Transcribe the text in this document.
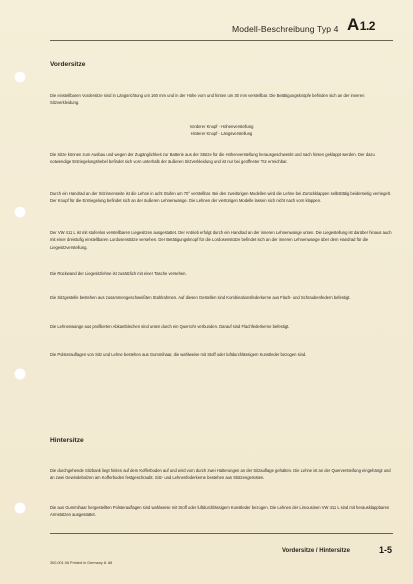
Modell-Beschreibung Typ 4 A1.2
Vordersitze

Die einstellbaren Vordersitze sind in Längsrichtung um 160 mm und in der Höhe vorn und hinten um 30 mm verstellbar. Die Betätigungsknöpfe befinden sich an der inneren Sitzverkleidung.

Vorderer Knopf - Höhenverstellung
Hinterer Knopf - Längsverstellung

Die Sitze können zum Ausbau und wegen der Zugänglichkeit zur Batterie aus der Stütze für die Höhenverstellung herausgeschwenkt und nach hinten geklappt werden. Der dazu notwendige Entriegelungshebel befindet sich vorn unterhalb der äußeren Sitzverkleidung und ist nur bei geöffneter Tür erreichbar.

Durch ein Handrad an der Sitzinnenseite ist die Lehne in acht Stufen um 70° verstellbar. Bei den zweitürigen Modellen wird die Lehne bei Zurückklappen selbsttätig beiderseitig verriegelt. Der Knopf für die Entriegelung befindet sich an der äußeren Lehnenwange. Die Lehnen der viertürigen Modelle lassen sich nicht nach vorn klappen.

Der VW 411 L ist mit stufenlos verstellbaren Liegesitzen ausgestattet. Der Antrieb erfolgt durch ein Handrad an der inneren Lehnenwange unten. Die Liegestellung ist darüber hinaus auch mit einer dreistufig einstellbaren Lordosenstütze versehen. Der Betätigungsknopf für die Lordosenstütze befindet sich an der inneren Lehnenwange über dem Handrad für die Liegesitzverstellung.

Die Rückwand der Liegesitzlehne ist zusätzlich mit einer Tasche versehen.

Die Sitzgestelle bestehen aus zusammengeschweißten Stahlrahmen. Auf diesen Gestellen sind Kombinationsfederkerne aus Flach- und Schraubenfedern befestigt.

Die Lehnenwange aus profilierten Abkantblechen sind unten durch ein Querrohr verbunden. Darauf sind Flachfederkerne befestigt.

Die Polsterauflagen von Sitz und Lehne bestehen aus Gummihaar, die wahlweise mit Stoff oder luftdurchlässigem Kunstleder bezogen sind.

Hintersitze

Die durchgehende Sitzbank liegt hinten auf dem Kofferboden auf und wird vorn durch zwei Halterungen an der Sitzauflage gehalten. Die Lehne ist an der Querversteifung eingehängt und an zwei Gewindebolzen am Kofferboden festgeschraubt. Sitz- und Lehnenfederkerne bestehen aus Stützengerüsten.

Die aus Gummihaar hergestellten Polsterauflagen sind wahlweise mit Stoff oder luftdurchlässigem Kunstleder bezogen. Die Lehnen der Limousinen VW 411 L sind mit herausklappbaren Armstützen ausgestattet.

Vordersitze / Hintersitze	1-5
300.001.06 Printed in Germany 8. 68
